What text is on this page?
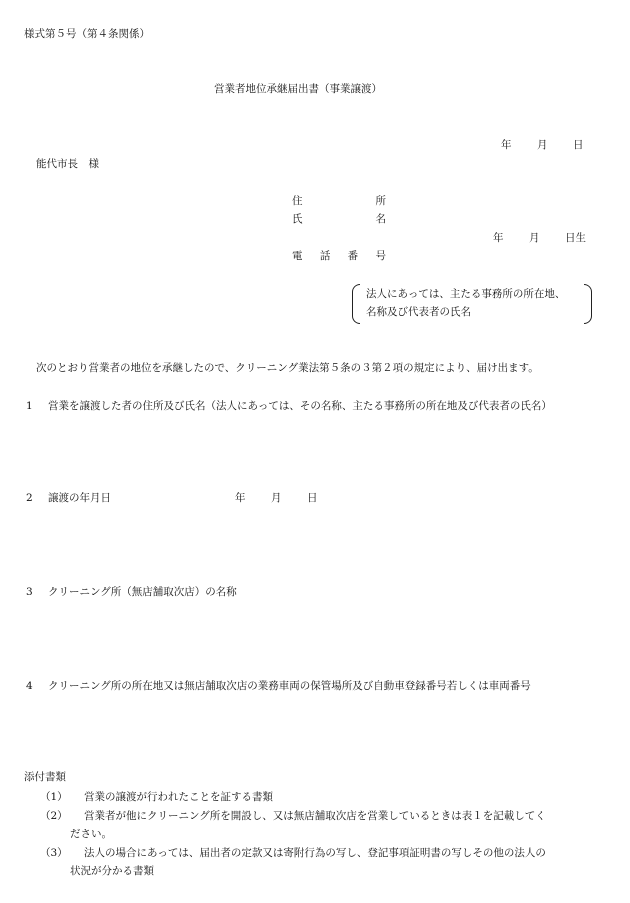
様式第５号（第４条関係）
営業者地位承継届出書（事業譲渡）
年 月 日
能代市長　様
住	所
氏	名
年 月 日生
電 話 番 号
法人にあっては、主たる事務所の所在地、
名称及び代表者の氏名
次のとおり営業者の地位を承継したので、クリーニング業法第５条の３第２項の規定により、届け出ます。
1 営業を譲渡した者の住所及び氏名（法人にあっては、その名称、主たる事務所の所在地及び代表者の氏名）
2 譲渡の年月日	年 月 日
3 クリーニング所（無店舗取次店）の名称
4 クリーニング所の所在地又は無店舗取次店の業務車両の保管場所及び自動車登録番号若しくは車両番号
添付書類
（1） 営業の譲渡が行われたことを証する書類
（2） 営業者が他にクリーニング所を開設し、又は無店舗取次店を営業しているときは表１を記載してく
ださい。
（3） 法人の場合にあっては、届出者の定款又は寄附行為の写し、登記事項証明書の写しその他の法人の
状況が分かる書類
